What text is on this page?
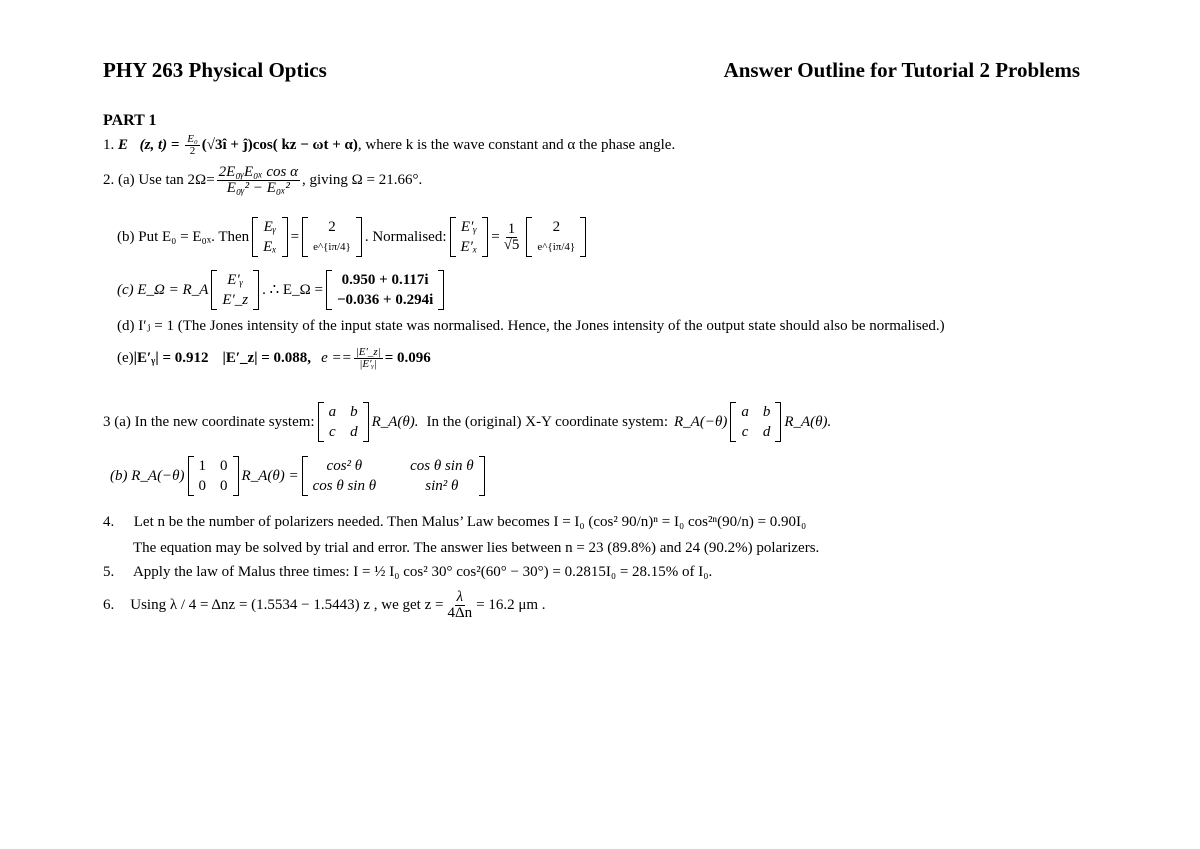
PHY 263 Physical Optics	Answer Outline for Tutorial 2 Problems
PART 1
1. E⃗(z, $t) = \frac{\text{E₀}}{2}$ (√3î + ĵ)cos( kz − ωt + α), where k is the wave constant and α the phase angle.
2. (a) Use $\tan 2\Omega= \frac{\text{2E₀ᵧE₀ₓ cos α}}{\text{E₀ᵧ² − E₀ₓ²}}$ , giving Ω = 21.66°.
(b) Put E₀ = E₀ₓ. Then
Eᵧ
Eₓ
=
2
e^{iπ/4}
. Normalised:
E′ᵧ
E′ₓ
= $\frac{1}{√5} 2$
e^{iπ/4}
(c) E_Ω = R_A
E′ᵧ
E′_z
. ∴ E_Ω =
0.950 + 0.117i
−0.036 + 0.294i
(d) I′ⱼ = 1 (The Jones intensity of the input state was normalised. Hence, the Jones intensity of the output state should also be normalised.)
(e) |E′ᵧ| = 0.912 |E′_z| = 0.088, $e == \frac{|E'\_z|}{\text{|E′ᵧ|}} = 0.096$
3 (a) In the new coordinate system:
a b
c d
R_A(θ). In the (original) X-Y coordinate system: R_A(−θ)
a b
c d
R_A(θ).
(b) R_A(−θ)
1 0
0 0
R_A(θ) =
cos² θ	cos θ sin θ
cos θ sin θ	sin² θ
4. Let n be the number of polarizers needed. Then Malus’ Law becomes I = I₀ (cos² 90/n)ⁿ = I₀ cos²ⁿ(90/n) = 0.90I₀
The equation may be solved by trial and error. The answer lies between n = 23 (89.8%) and 24 (90.2%) polarizers.
5. Apply the law of Malus three times: I = ½ I₀ cos² 30° cos²(60° − 30°) = 0.2815I₀ = 28.15% of I₀.
6. Using λ / 4 = Δnz = (1.5534 − 1.5443) z , we get $z = \frac{\lambda}{4\Delta n} = 16.2$ μm .
